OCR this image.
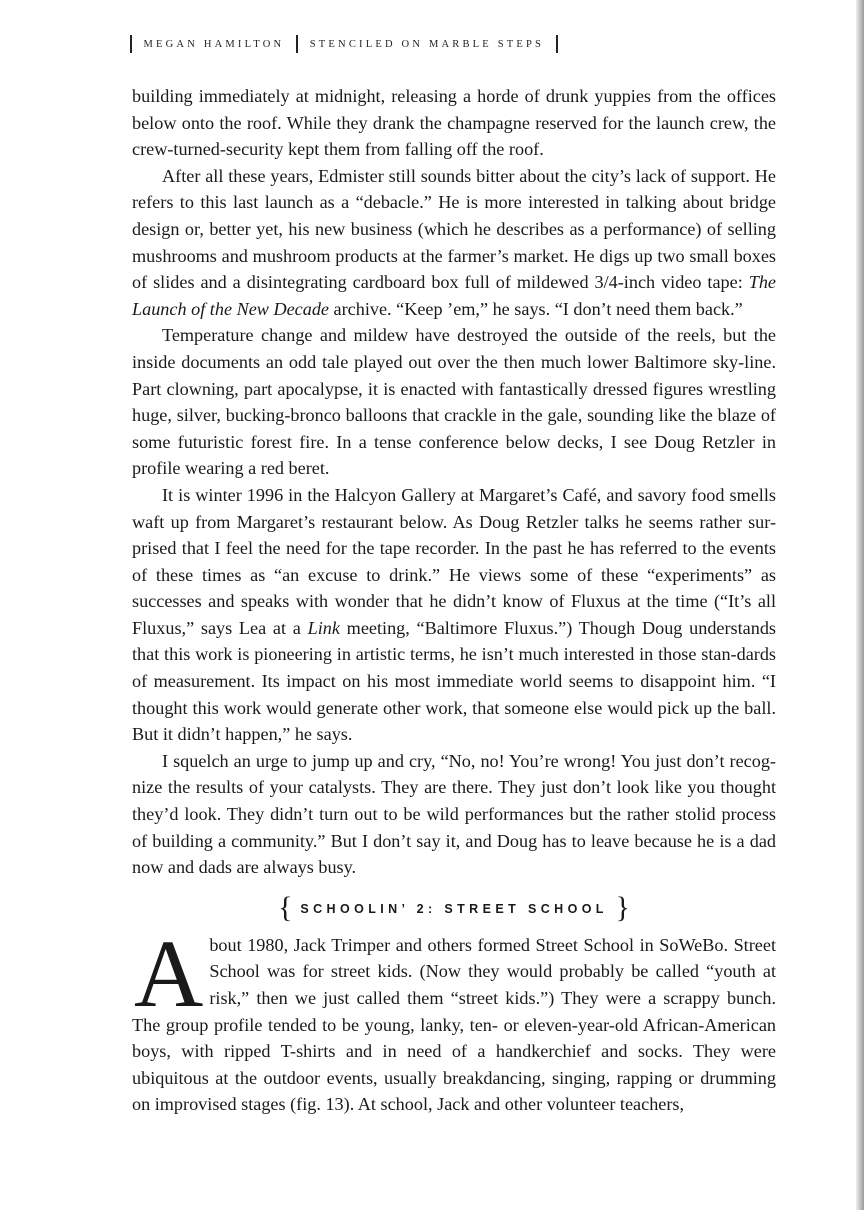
MEGAN HAMILTON	STENCILED ON MARBLE STEPS

building immediately at midnight, releasing a horde of drunk yuppies from the offices below onto the roof. While they drank the champagne reserved for the launch crew, the crew-turned-security kept them from falling off the roof.

After all these years, Edmister still sounds bitter about the city’s lack of support. He refers to this last launch as a “debacle.” He is more interested in talking about bridge design or, better yet, his new business (which he describes as a performance) of selling mushrooms and mushroom products at the farmer’s market. He digs up two small boxes of slides and a disintegrating cardboard box full of mildewed 3/4-inch video tape: The Launch of the New Decade archive. “Keep ’em,” he says. “I don’t need them back.”

Temperature change and mildew have destroyed the outside of the reels, but the inside documents an odd tale played out over the then much lower Baltimore sky-line. Part clowning, part apocalypse, it is enacted with fantastically dressed figures wrestling huge, silver, bucking-bronco balloons that crackle in the gale, sounding like the blaze of some futuristic forest fire. In a tense conference below decks, I see Doug Retzler in profile wearing a red beret.

It is winter 1996 in the Halcyon Gallery at Margaret’s Café, and savory food smells waft up from Margaret’s restaurant below. As Doug Retzler talks he seems rather sur-prised that I feel the need for the tape recorder. In the past he has referred to the events of these times as “an excuse to drink.” He views some of these “experiments” as successes and speaks with wonder that he didn’t know of Fluxus at the time (“It’s all Fluxus,” says Lea at a Link meeting, “Baltimore Fluxus.”) Though Doug understands that this work is pioneering in artistic terms, he isn’t much interested in those stan-dards of measurement. Its impact on his most immediate world seems to disappoint him. “I thought this work would generate other work, that someone else would pick up the ball. But it didn’t happen,” he says.

I squelch an urge to jump up and cry, “No, no! You’re wrong! You just don’t recog-nize the results of your catalysts. They are there. They just don’t look like you thought they’d look. They didn’t turn out to be wild performances but the rather stolid process of building a community.” But I don’t say it, and Doug has to leave because he is a dad now and dads are always busy.

{ SCHOOLIN’ 2: STREET SCHOOL }

About 1980, Jack Trimper and others formed Street School in SoWeBo. Street School was for street kids. (Now they would probably be called “youth at risk,” then we just called them “street kids.”) They were a scrappy bunch. The group profile tended to be young, lanky, ten- or eleven-year-old African-American boys, with ripped T-shirts and in need of a handkerchief and socks. They were ubiquitous at the outdoor events, usually breakdancing, singing, rapping or drumming on improvised stages (fig. 13). At school, Jack and other volunteer teachers,
